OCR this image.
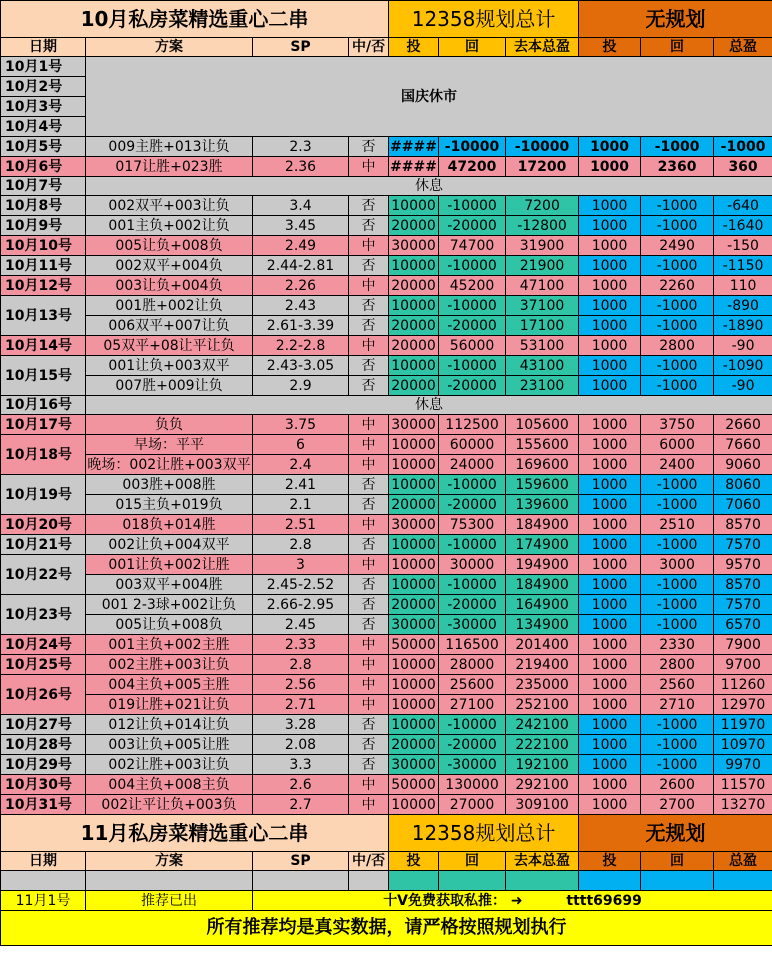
10月私房菜精选重心二串				12358规划总计			无规划		
日期	方案	SP	中/否	投	回	去本总盈	投	回	总盈
10月1号	国庆休市								
10月2号									
10月3号									
10月4号									
10月5号	009主胜+013让负	2.3	否	####	-10000	-10000	1000	-1000	-1000
10月6号	017让胜+023胜	2.36	中	####	47200	17200	1000	2360	360
10月7号	休息								
10月8号	002双平+003让负	3.4	否	10000	-10000	7200	1000	-1000	-640
10月9号	001主负+002让负	3.45	否	20000	-20000	-12800	1000	-1000	-1640
10月10号	005让负+008负	2.49	中	30000	74700	31900	1000	2490	-150
10月11号	002双平+004负	2.44-2.81	否	10000	-10000	21900	1000	-1000	-1150
10月12号	003让负+004负	2.26	中	20000	45200	47100	1000	2260	110
10月13号	001胜+002让负	2.43	否	10000	-10000	37100	1000	-1000	-890
	006双平+007让负	2.61-3.39	否	20000	-20000	17100	1000	-1000	-1890
10月14号	05双平+08让平让负	2.2-2.8	中	20000	56000	53100	1000	2800	-90
10月15号	001让负+003双平	2.43-3.05	否	10000	-10000	43100	1000	-1000	-1090
	007胜+009让负	2.9	否	20000	-20000	23100	1000	-1000	-90
10月16号	休息								
10月17号	负负	3.75	中	30000	112500	105600	1000	3750	2660
10月18号	早场：平平	6	中	10000	60000	155600	1000	6000	7660
	晚场：002让胜+003双平	2.4	中	10000	24000	169600	1000	2400	9060
10月19号	003胜+008胜	2.41	否	10000	-10000	159600	1000	-1000	8060
	015主负+019负	2.1	否	20000	-20000	139600	1000	-1000	7060
10月20号	018负+014胜	2.51	中	30000	75300	184900	1000	2510	8570
10月21号	002让负+004双平	2.8	否	10000	-10000	174900	1000	-1000	7570
10月22号	001让负+002让胜	3	中	10000	30000	194900	1000	3000	9570
	003双平+004胜	2.45-2.52	否	10000	-10000	184900	1000	-1000	8570
10月23号	001 2-3球+002让负	2.66-2.95	否	20000	-20000	164900	1000	-1000	7570
	005让负+008负	2.45	否	30000	-30000	134900	1000	-1000	6570
10月24号	001主负+002主胜	2.33	中	50000	116500	201400	1000	2330	7900
10月25号	002主胜+003让负	2.8	中	10000	28000	219400	1000	2800	9700
10月26号	004主负+005主胜	2.56	中	10000	25600	235000	1000	2560	11260
	019让胜+021让负	2.71	中	10000	27100	252100	1000	2710	12970
10月27号	012让负+014让负	3.28	否	10000	-10000	242100	1000	-1000	11970
10月28号	003让负+005让胜	2.08	否	20000	-20000	222100	1000	-1000	10970
10月29号	002让胜+003让负	3.3	否	30000	-30000	192100	1000	-1000	9970
10月30号	004主负+008主负	2.6	中	50000	130000	292100	1000	2600	11570
10月31号	002让平让负+003负	2.7	中	10000	27000	309100	1000	2700	13270
11月私房菜精选重心二串				12358规划总计			无规划		
日期	方案	SP	中/否	投	回	去本总盈	投	回	总盈

11月1号	推荐已出	十V免费获取私推： ➜ tttt69699							
所有推荐均是真实数据，请严格按照规划执行									
